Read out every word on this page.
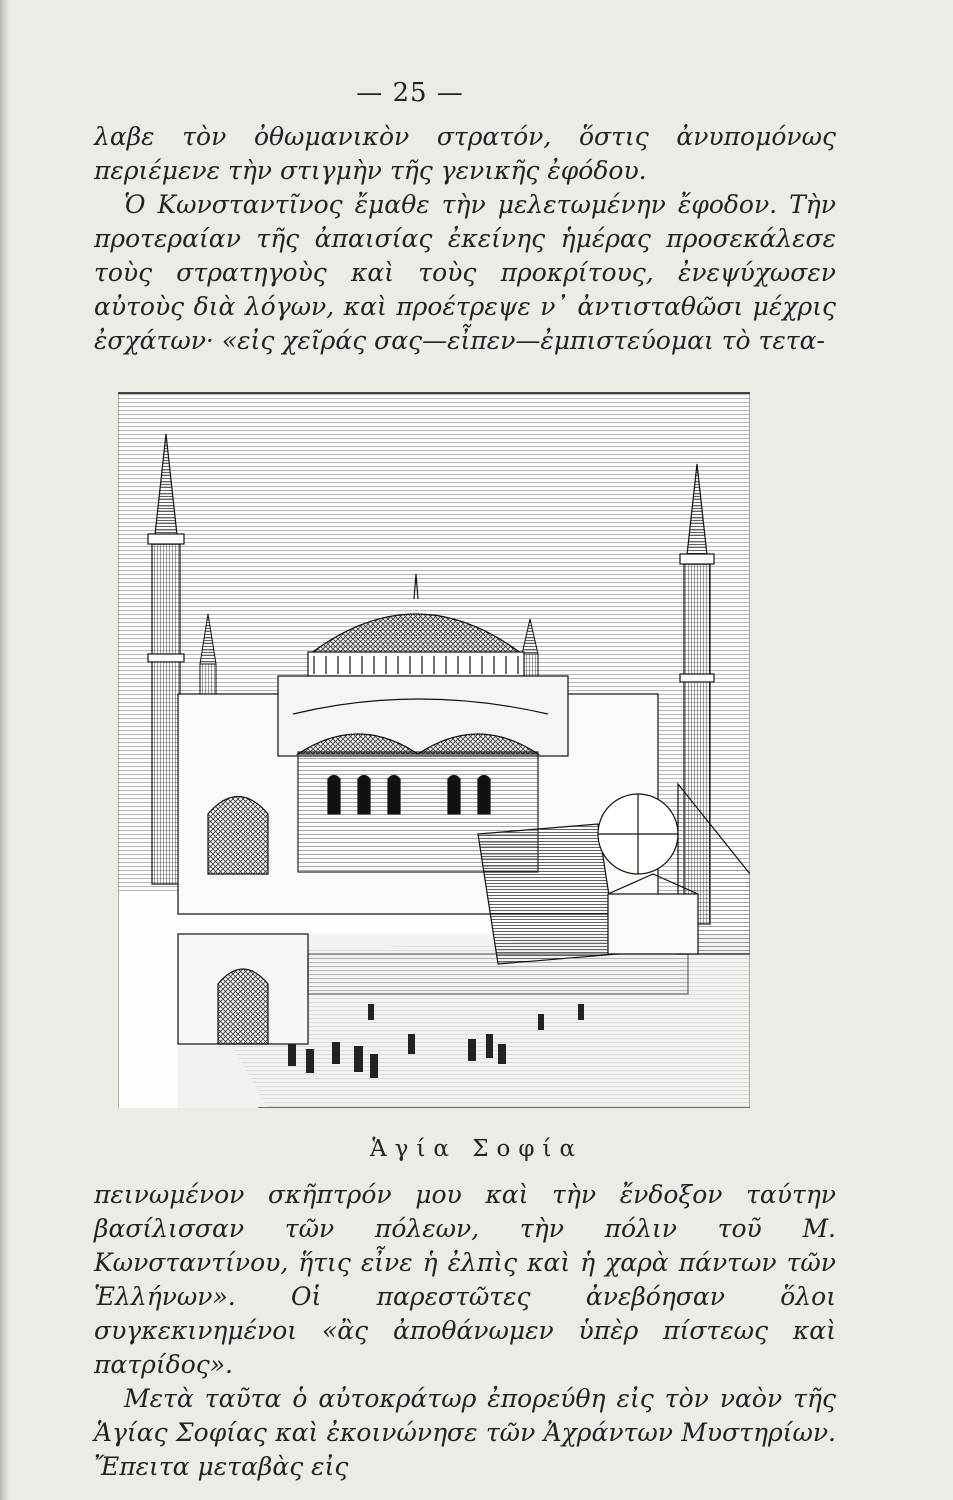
— 25 —

λαβε τὸν ὀθωμανικὸν στρατόν, ὅστις ἀνυπομόνως περιέμενε τὴν στιγμὴν τῆς γενικῆς ἐφόδου.

Ὁ Κωνσταντῖνος ἔμαθε τὴν μελετωμένην ἔφοδον. Τὴν προτεραίαν τῆς ἀπαισίας ἐκείνης ἡμέρας προσεκάλεσε τοὺς στρατηγοὺς καὶ τοὺς προκρίτους, ἐνεψύχωσεν αὐτοὺς διὰ λόγων, καὶ προέτρεψε ν᾽ ἀντισταθῶσι μέχρις ἐσχάτων· «εἰς χεῖράς σας—εἶπεν—ἐμπιστεύομαι τὸ τετα-

Ἁγία Σοφία

πεινωμένον σκῆπτρόν μου καὶ τὴν ἔνδοξον ταύτην βασίλισσαν τῶν πόλεων, τὴν πόλιν τοῦ Μ. Κωνσταντίνου, ἥτις εἶνε ἡ ἐλπὶς καὶ ἡ χαρὰ πάντων τῶν Ἑλλήνων». Οἱ παρεστῶτες ἀνεβόησαν ὅλοι συγκεκινημένοι «ἂς ἀποθάνωμεν ὑπὲρ πίστεως καὶ πατρίδος».

Μετὰ ταῦτα ὁ αὐτοκράτωρ ἐπορεύθη εἰς τὸν ναὸν τῆς Ἁγίας Σοφίας καὶ ἐκοινώνησε τῶν Ἀχράντων Μυστηρίων. Ἔπειτα μεταβὰς εἰς
